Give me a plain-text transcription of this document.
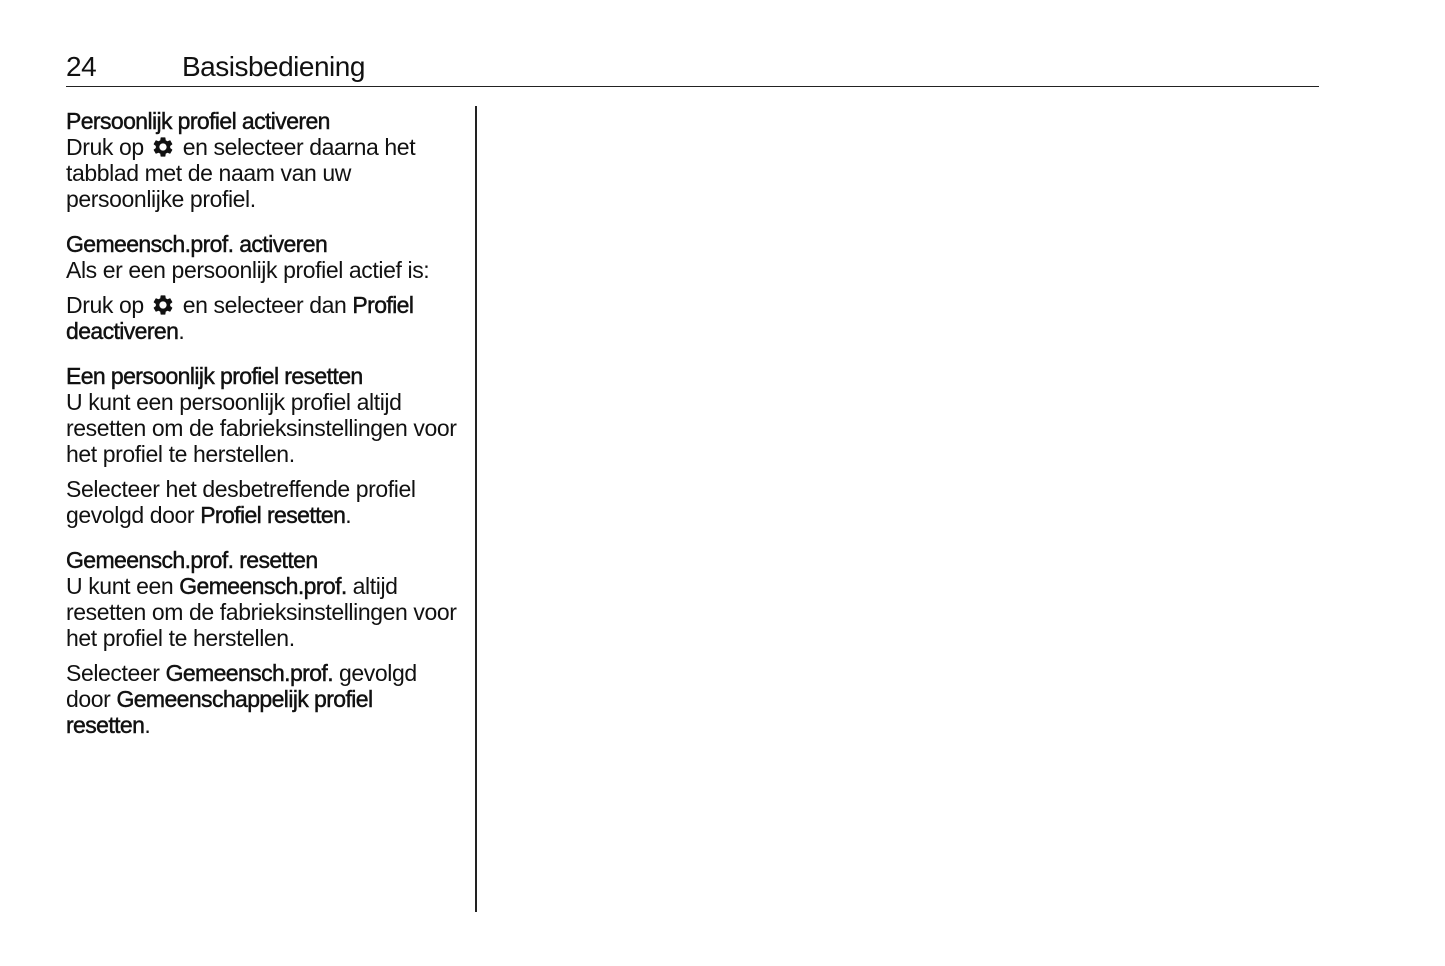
24	Basisbediening
Persoonlijk profiel activeren

Druk op
en selecteer daarna het tabblad met de naam van uw persoonlijke profiel.

Gemeensch.prof. activeren

Als er een persoonlijk profiel actief is:

Druk op
en selecteer dan Profiel deactiveren.

Een persoonlijk profiel resetten

U kunt een persoonlijk profiel altijd resetten om de fabrieksinstellingen voor het profiel te herstellen.

Selecteer het desbetreffende profiel gevolgd door Profiel resetten.

Gemeensch.prof. resetten

U kunt een Gemeensch.prof. altijd resetten om de fabrieksinstellingen voor het profiel te herstellen.

Selecteer Gemeensch.prof. gevolgd door Gemeenschappelijk profiel resetten.
